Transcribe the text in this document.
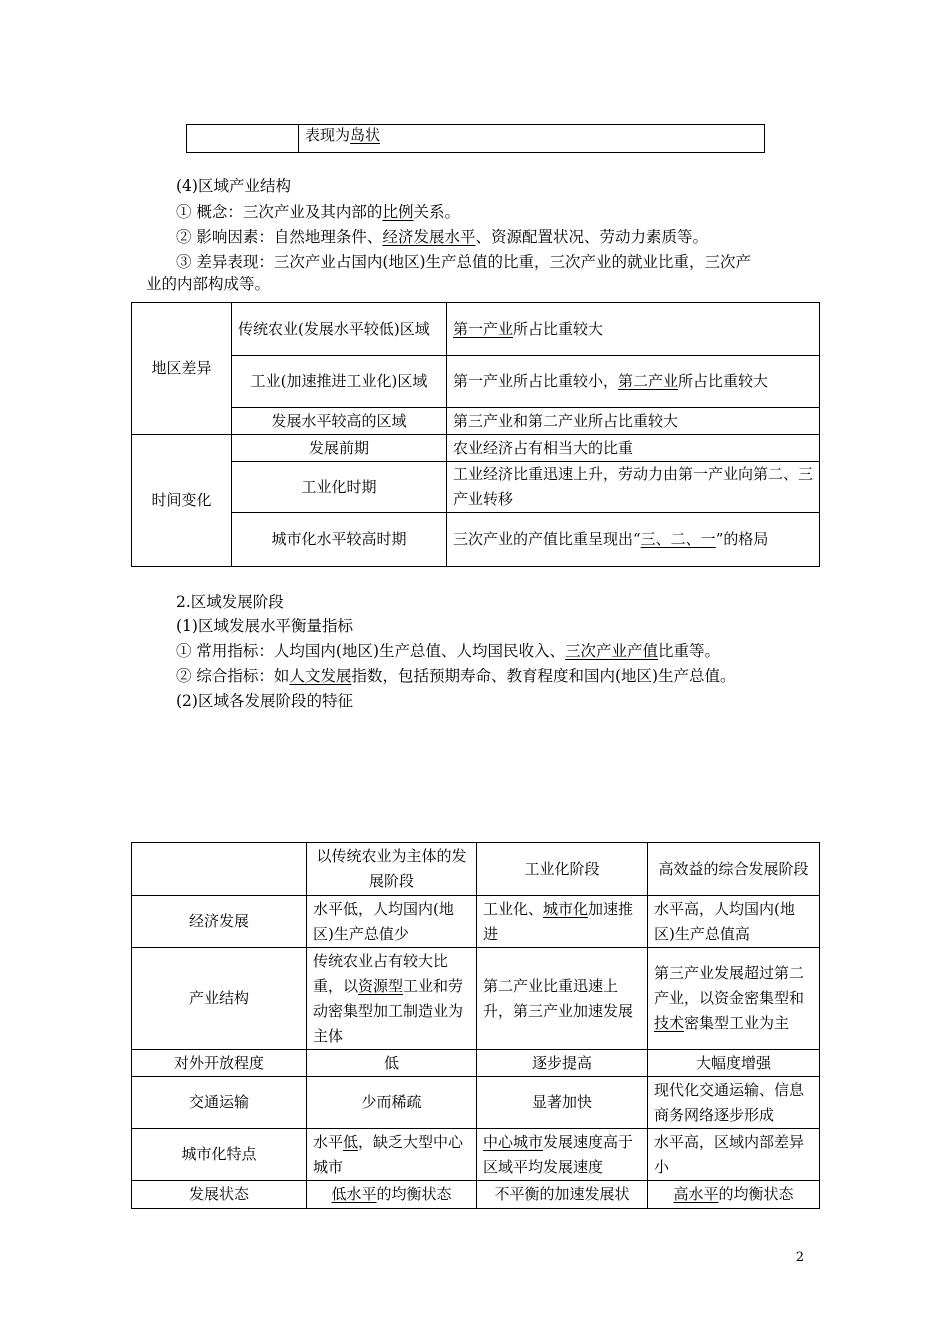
	表现为岛状
(4)区域产业结构
① 概念：三次产业及其内部的比例关系。
② 影响因素：自然地理条件、经济发展水平、资源配置状况、劳动力素质等。
③ 差异表现：三次产业占国内(地区)生产总值的比重，三次产业的就业比重，三次产
业的内部构成等。
地区差异	传统农业(发展水平较低)区域	第一产业所占比重较大
	工业(加速推进工业化)区域	第一产业所占比重较小，第二产业所占比重较大
	发展水平较高的区域	第三产业和第二产业所占比重较大
时间变化	发展前期	农业经济占有相当大的比重
	工业化时期	工业经济比重迅速上升，劳动力由第一产业向第二、三产业转移
	城市化水平较高时期	三次产业的产值比重呈现出“三、二、一”的格局
2.区域发展阶段
(1)区域发展水平衡量指标
① 常用指标：人均国内(地区)生产总值、人均国民收入、三次产业产值比重等。
② 综合指标：如人文发展指数，包括预期寿命、教育程度和国内(地区)生产总值。
(2)区域各发展阶段的特征
	以传统农业为主体的发展阶段	工业化阶段	高效益的综合发展阶段
经济发展	水平低，人均国内(地区)生产总值少	工业化、城市化加速推进	水平高，人均国内(地区)生产总值高
产业结构	传统农业占有较大比重，以资源型工业和劳动密集型加工制造业为主体	第二产业比重迅速上升，第三产业加速发展	第三产业发展超过第二产业，以资金密集型和技术密集型工业为主
对外开放程度	低	逐步提高	大幅度增强
交通运输	少而稀疏	显著加快	现代化交通运输、信息商务网络逐步形成
城市化特点	水平低，缺乏大型中心城市	中心城市发展速度高于区域平均发展速度	水平高，区域内部差异小
发展状态	低水平的均衡状态	不平衡的加速发展状	高水平的均衡状态
2
